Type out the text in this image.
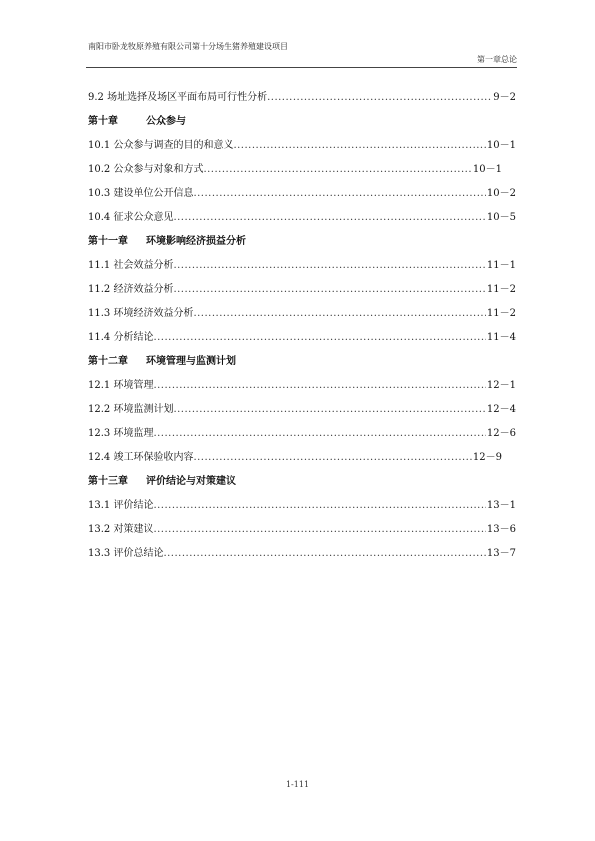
南阳市卧龙牧原养殖有限公司第十分场生猪养殖建设项目
第一章总论
9.2 场址选择及场区平面布局可行性分析 .....	9－2
第十章	公众参与
10.1 公众参与调查的目的和意义 .....	10－1
10.2 公众参与对象和方式 .....	10－1
10.3 建设单位公开信息 .....	10－2
10.4 征求公众意见 .....	10－5
第十一章 环境影响经济损益分析
11.1 社会效益分析 .....	11－1
11.2 经济效益分析 .....	11－2
11.3 环境经济效益分析 .....	11－2
11.4 分析结论 .....	11－4
第十二章 环境管理与监测计划
12.1 环境管理 .....	12－1
12.2 环境监测计划 .....	12－4
12.3 环境监理 .....	12－6
12.4 竣工环保验收内容 .....	12－9
第十三章 评价结论与对策建议
13.1 评价结论 .....	13－1
13.2 对策建议 .....	13－6
13.3 评价总结论 .....	13－7
1-111
